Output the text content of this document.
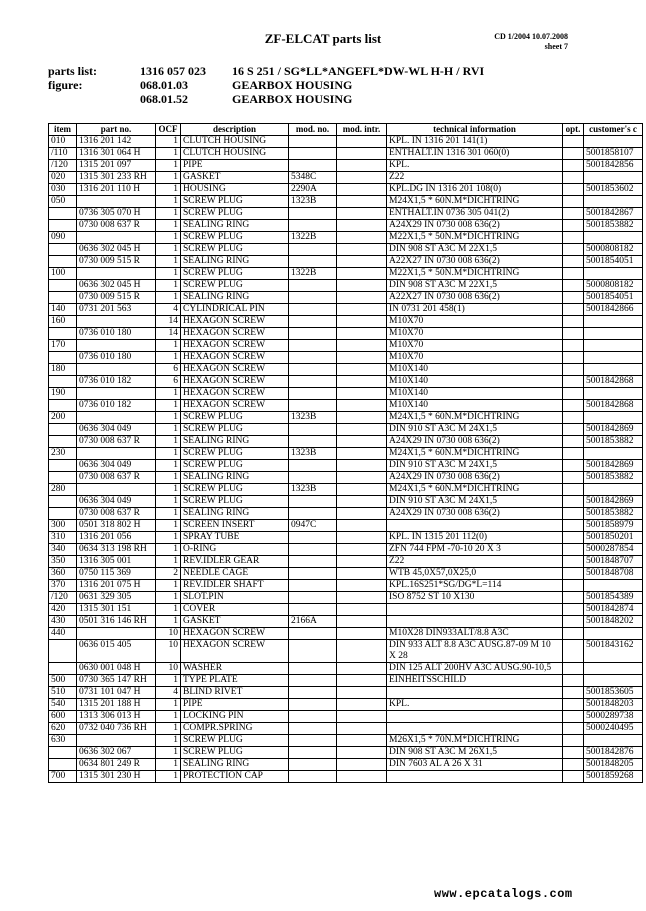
ZF-ELCAT parts list	CD 1/2004 10.07.2008
sheet 7
parts list:	1316 057 023 16 S 251 / SG*LL*ANGEFL*DW-WL H-H / RVI
figure:	068.01.03	GEARBOX HOUSING
068.01.52	GEARBOX HOUSING
item	part no.	OCF	description	mod. no.	mod. intr.	technical information	opt.	customer's c
010	1316 201 142	1	CLUTCH HOUSING			KPL. IN 1316 201 141(1)		
/110	1316 301 064 H	1	CLUTCH HOUSING			ENTHALT.IN 1316 301 060(0)		5001858107
/120	1315 201 097	1	PIPE			KPL.		5001842856
020	1315 301 233 RH	1	GASKET	5348C		Z22		
030	1316 201 110 H	1	HOUSING	2290A		KPL.DG IN 1316 201 108(0)		5001853602
050		1	SCREW PLUG	1323B		M24X1,5 * 60N.M*DICHTRING		
	0736 305 070 H	1	SCREW PLUG			ENTHALT.IN 0736 305 041(2)		5001842867
	0730 008 637 R	1	SEALING RING			A24X29 IN 0730 008 636(2)		5001853882
090		1	SCREW PLUG	1322B		M22X1,5 * 50N.M*DICHTRING		
	0636 302 045 H	1	SCREW PLUG			DIN 908 ST A3C M 22X1,5		5000808182
	0730 009 515 R	1	SEALING RING			A22X27 IN 0730 008 636(2)		5001854051
100		1	SCREW PLUG	1322B		M22X1,5 * 50N.M*DICHTRING		
	0636 302 045 H	1	SCREW PLUG			DIN 908 ST A3C M 22X1,5		5000808182
	0730 009 515 R	1	SEALING RING			A22X27 IN 0730 008 636(2)		5001854051
140	0731 201 563	4	CYLINDRICAL PIN			IN 0731 201 458(1)		5001842866
160		14	HEXAGON SCREW			M10X70		
	0736 010 180	14	HEXAGON SCREW			M10X70		
170		1	HEXAGON SCREW			M10X70		
	0736 010 180	1	HEXAGON SCREW			M10X70		
180		6	HEXAGON SCREW			M10X140		
	0736 010 182	6	HEXAGON SCREW			M10X140		5001842868
190		1	HEXAGON SCREW			M10X140		
	0736 010 182	1	HEXAGON SCREW			M10X140		5001842868
200		1	SCREW PLUG	1323B		M24X1,5 * 60N.M*DICHTRING		
	0636 304 049	1	SCREW PLUG			DIN 910 ST A3C M 24X1,5		5001842869
	0730 008 637 R	1	SEALING RING			A24X29 IN 0730 008 636(2)		5001853882
230		1	SCREW PLUG	1323B		M24X1,5 * 60N.M*DICHTRING		
	0636 304 049	1	SCREW PLUG			DIN 910 ST A3C M 24X1,5		5001842869
	0730 008 637 R	1	SEALING RING			A24X29 IN 0730 008 636(2)		5001853882
280		1	SCREW PLUG	1323B		M24X1,5 * 60N.M*DICHTRING		
	0636 304 049	1	SCREW PLUG			DIN 910 ST A3C M 24X1,5		5001842869
	0730 008 637 R	1	SEALING RING			A24X29 IN 0730 008 636(2)		5001853882
300	0501 318 802 H	1	SCREEN INSERT	0947C				5001858979
310	1316 201 056	1	SPRAY TUBE			KPL. IN 1315 201 112(0)		5001850201
340	0634 313 198 RH	1	O-RING			ZFN 744 FPM -70-10 20 X 3		5000287854
350	1316 305 001	1	REV.IDLER GEAR			Z22		5001848707
360	0750 115 369	2	NEEDLE CAGE			WTB 45,0X57,0X25,0		5001848708
370	1316 201 075 H	1	REV.IDLER SHAFT			KPL.16S251*SG/DG*L=114		
/120	0631 329 305	1	SLOT.PIN			ISO 8752 ST 10 X130		5001854389
420	1315 301 151	1	COVER					5001842874
430	0501 316 146 RH	1	GASKET	2166A				5001848202
440		10	HEXAGON SCREW			M10X28 DIN933ALT/8.8 A3C		
	0636 015 405	10	HEXAGON SCREW			DIN 933 ALT 8.8 A3C AUSG.87-09 M 10 X 28		5001843162
	0630 001 048 H	10	WASHER			DIN 125 ALT 200HV A3C AUSG.90-10,5		
500	0730 365 147 RH	1	TYPE PLATE			EINHEITSSCHILD		
510	0731 101 047 H	4	BLIND RIVET					5001853605
540	1315 201 188 H	1	PIPE			KPL.		5001848203
600	1313 306 013 H	1	LOCKING PIN					5000289738
620	0732 040 736 RH	1	COMPR.SPRING					5000240495
630		1	SCREW PLUG			M26X1,5 * 70N.M*DICHTRING		
	0636 302 067	1	SCREW PLUG			DIN 908 ST A3C M 26X1,5		5001842876
	0634 801 249 R	1	SEALING RING			DIN 7603 AL A 26 X 31		5001848205
700	1315 301 230 H	1	PROTECTION CAP					5001859268
www.epcatalogs.com
